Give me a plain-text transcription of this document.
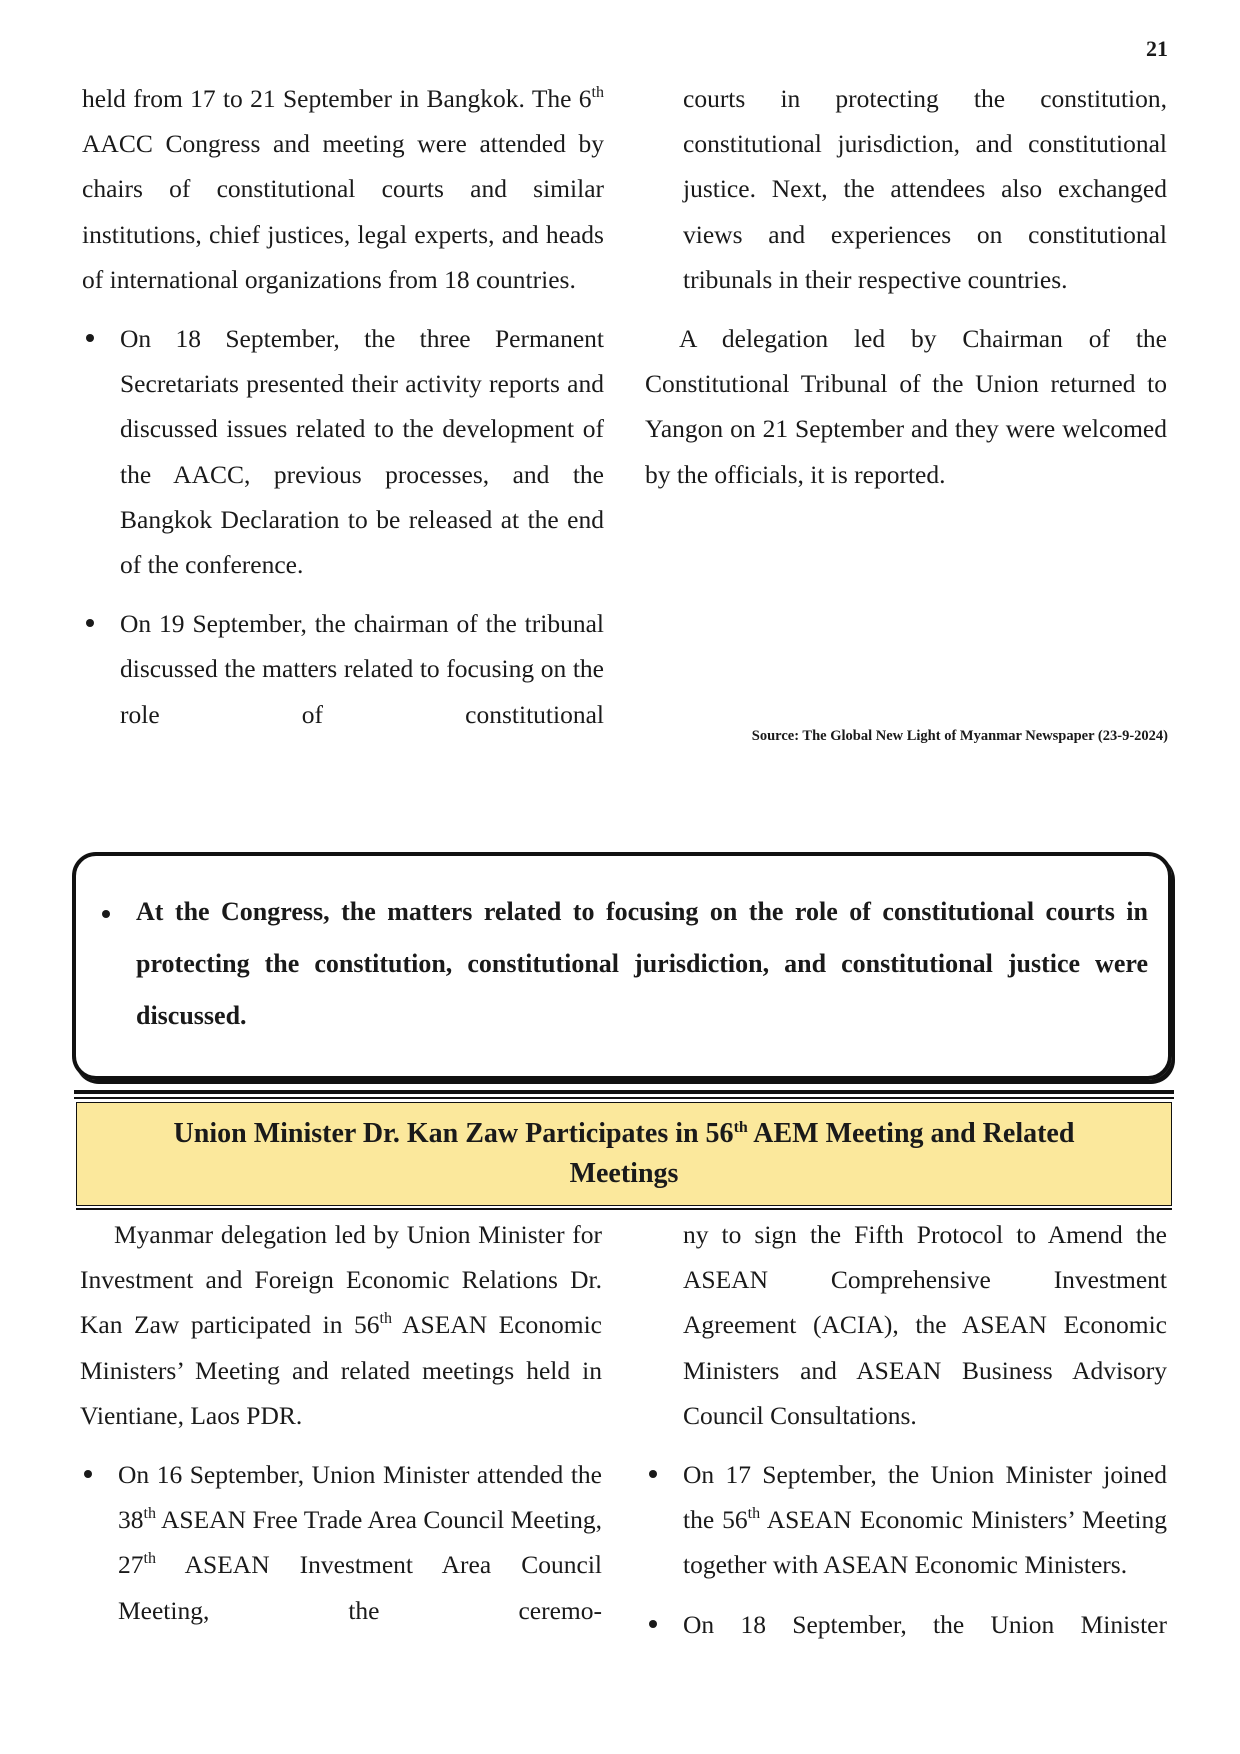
21

held from 17 to 21 September in Bangkok. The 6th AACC Congress and meeting were attended by chairs of constitutional courts and similar institutions, chief justices, legal experts, and heads of international organizations from 18 countries.

On 18 September, the three Permanent Secretariats presented their activity reports and discussed issues related to the development of the AACC, previous processes, and the Bangkok Declaration to be released at the end of the conference.
On 19 September, the chairman of the tribunal discussed the matters related to focusing on the role of constitutional

courts in protecting the constitution, constitutional jurisdiction, and constitutional justice. Next, the attendees also exchanged views and experiences on constitutional tribunals in their respective countries.

A delegation led by Chairman of the Constitutional Tribunal of the Union returned to Yangon on 21 September and they were welcomed by the officials, it is reported.

Source: The Global New Light of Myanmar Newspaper (23-9-2024)
At the Congress, the matters related to focusing on the role of constitutional courts in protecting the constitution, constitutional jurisdiction, and constitutional justice were discussed.
Union Minister Dr. Kan Zaw Participates in 56th AEM Meeting and Related Meetings

Myanmar delegation led by Union Minister for Investment and Foreign Economic Relations Dr. Kan Zaw participated in 56th ASEAN Economic Ministers’ Meeting and related meetings held in Vientiane, Laos PDR.

On 16 September, Union Minister attended the 38th ASEAN Free Trade Area Council Meeting, 27th ASEAN Investment Area Council Meeting, the ceremo-

ny to sign the Fifth Protocol to Amend the ASEAN Comprehensive Investment Agreement (ACIA), the ASEAN Economic Ministers and ASEAN Business Advisory Council Consultations.

On 17 September, the Union Minister joined the 56th ASEAN Economic Ministers’ Meeting together with ASEAN Economic Ministers.
On 18 September, the Union Minister
